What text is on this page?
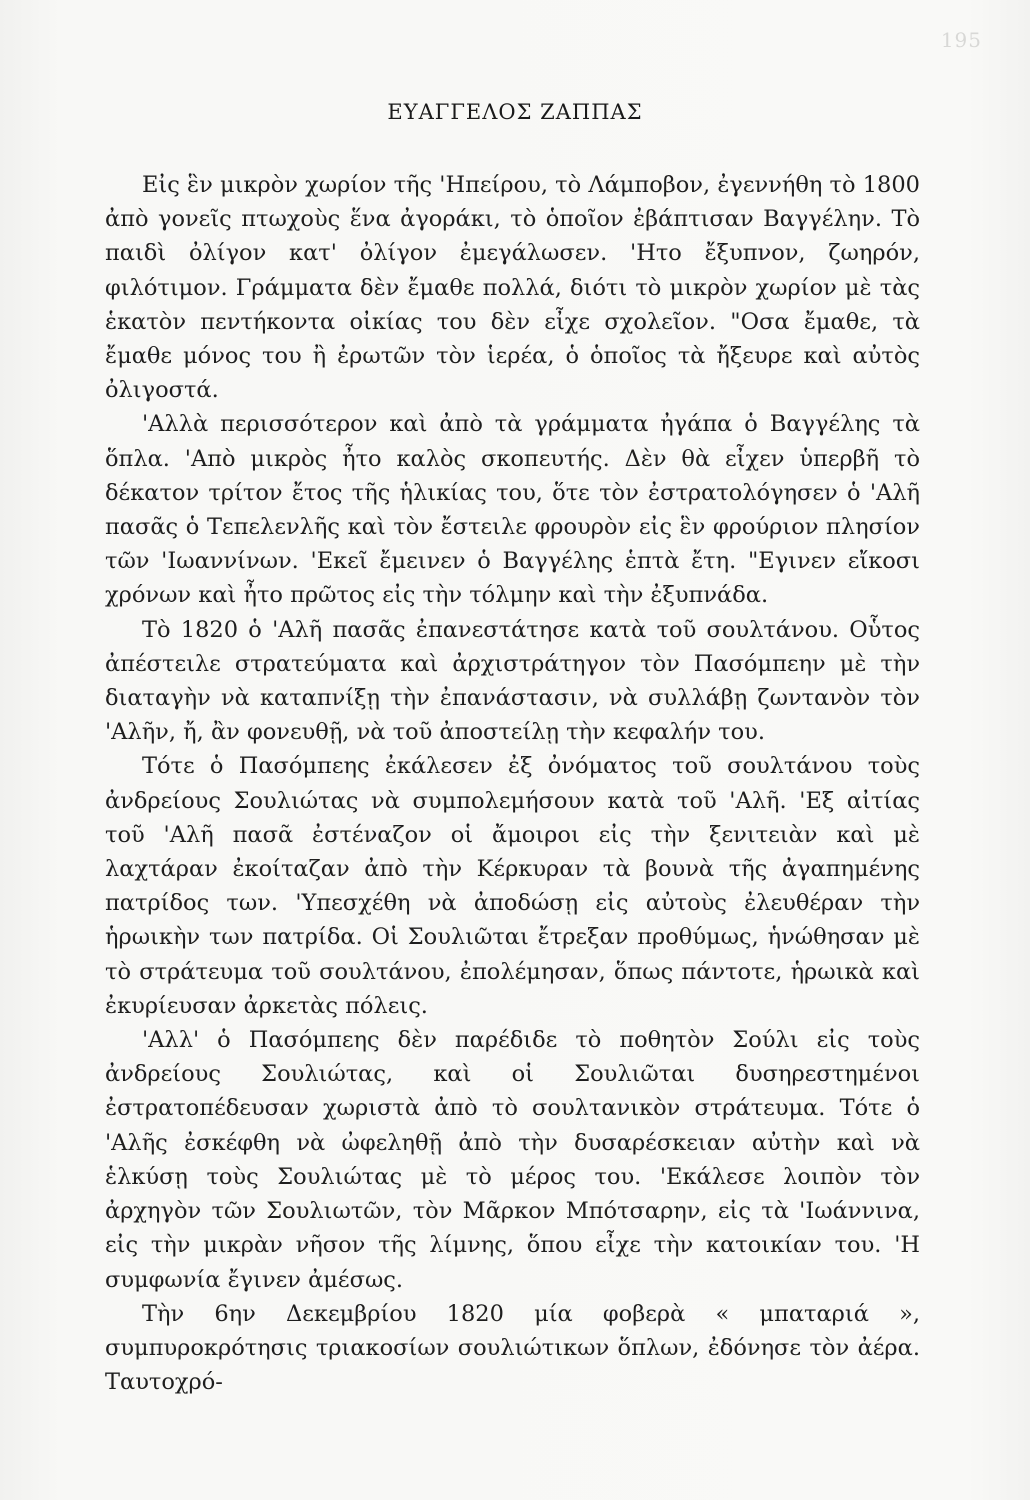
195
ΕΥΑΓΓΕΛΟΣ ΖΑΠΠΑΣ

Εἰς ἓν μικρὸν χωρίον τῆς 'Ηπείρου, τὸ Λάμποβον, ἐγεννήθη τὸ 1800 ἀπὸ γονεῖς πτωχοὺς ἕνα ἀγοράκι, τὸ ὁποῖον ἐβάπτισαν Βαγγέλην. Τὸ παιδὶ ὀλίγον κατ' ὀλίγον ἐμεγάλωσεν. 'Ητο ἔξυπνον, ζωηρόν, φιλότιμον. Γράμματα δὲν ἔμαθε πολλά, διότι τὸ μικρὸν χωρίον μὲ τὰς ἑκατὸν πεντήκοντα οἰκίας του δὲν εἶχε σχολεῖον. "Οσα ἔμαθε, τὰ ἔμαθε μόνος του ἢ ἐρωτῶν τὸν ἱερέα, ὁ ὁποῖος τὰ ἤξευρε καὶ αὐτὸς ὀλιγοστά.

'Αλλὰ περισσότερον καὶ ἀπὸ τὰ γράμματα ἠγάπα ὁ Βαγγέλης τὰ ὅπλα. 'Απὸ μικρὸς ἦτο καλὸς σκοπευτής. Δὲν θὰ εἶχεν ὑπερβῆ τὸ δέκατον τρίτον ἔτος τῆς ἡλικίας του, ὅτε τὸν ἐστρατολόγησεν ὁ 'Αλῆ πασᾶς ὁ Τεπελενλῆς καὶ τὸν ἔστειλε φρουρὸν εἰς ἓν φρούριον πλησίον τῶν 'Ιωαννίνων. 'Εκεῖ ἔμεινεν ὁ Βαγγέλης ἑπτὰ ἔτη. "Εγινεν εἴκοσι χρόνων καὶ ἦτο πρῶτος εἰς τὴν τόλμην καὶ τὴν ἐξυπνάδα.

Τὸ 1820 ὁ 'Αλῆ πασᾶς ἐπανεστάτησε κατὰ τοῦ σουλτάνου. Οὗτος ἀπέστειλε στρατεύματα καὶ ἀρχιστράτηγον τὸν Πασόμπεην μὲ τὴν διαταγὴν νὰ καταπνίξῃ τὴν ἐπανάστασιν, νὰ συλλάβῃ ζωντανὸν τὸν 'Αλῆν, ἤ, ἂν φονευθῇ, νὰ τοῦ ἀποστείλῃ τὴν κεφαλήν του.

Τότε ὁ Πασόμπεης ἐκάλεσεν ἐξ ὀνόματος τοῦ σουλτάνου τοὺς ἀνδρείους Σουλιώτας νὰ συμπολεμήσουν κατὰ τοῦ 'Αλῆ. 'Εξ αἰτίας τοῦ 'Αλῆ πασᾶ ἐστέναζον οἱ ἄμοιροι εἰς τὴν ξενιτειὰν καὶ μὲ λαχτάραν ἐκοίταζαν ἀπὸ τὴν Κέρκυραν τὰ βουνὰ τῆς ἀγαπημένης πατρίδος των. 'Υπεσχέθη νὰ ἀποδώσῃ εἰς αὐτοὺς ἐλευθέραν τὴν ἡρωικὴν των πατρίδα. Οἱ Σουλιῶται ἔτρεξαν προθύμως, ἡνώθησαν μὲ τὸ στράτευμα τοῦ σουλτάνου, ἐπολέμησαν, ὅπως πάντοτε, ἡρωικὰ καὶ ἐκυρίευσαν ἀρκετὰς πόλεις.

'Αλλ' ὁ Πασόμπεης δὲν παρέδιδε τὸ ποθητὸν Σούλι εἰς τοὺς ἀνδρείους Σουλιώτας, καὶ οἱ Σουλιῶται δυσηρεστημένοι ἐστρατοπέδευσαν χωριστὰ ἀπὸ τὸ σουλτανικὸν στράτευμα. Τότε ὁ 'Αλῆς ἐσκέφθη νὰ ὠφεληθῇ ἀπὸ τὴν δυσαρέσκειαν αὐτὴν καὶ νὰ ἑλκύσῃ τοὺς Σουλιώτας μὲ τὸ μέρος του. 'Εκάλεσε λοιπὸν τὸν ἀρχηγὸν τῶν Σουλιωτῶν, τὸν Μᾶρκον Μπότσαρην, εἰς τὰ 'Ιωάννινα, εἰς τὴν μικρὰν νῆσον τῆς λίμνης, ὅπου εἶχε τὴν κατοικίαν του. 'Η συμφωνία ἔγινεν ἀμέσως.

Τὴν 6ην Δεκεμβρίου 1820 μία φοβερὰ « μπαταριά », συμπυροκρότησις τριακοσίων σουλιώτικων ὅπλων, ἐδόνησε τὸν ἀέρα. Ταυτοχρό-
